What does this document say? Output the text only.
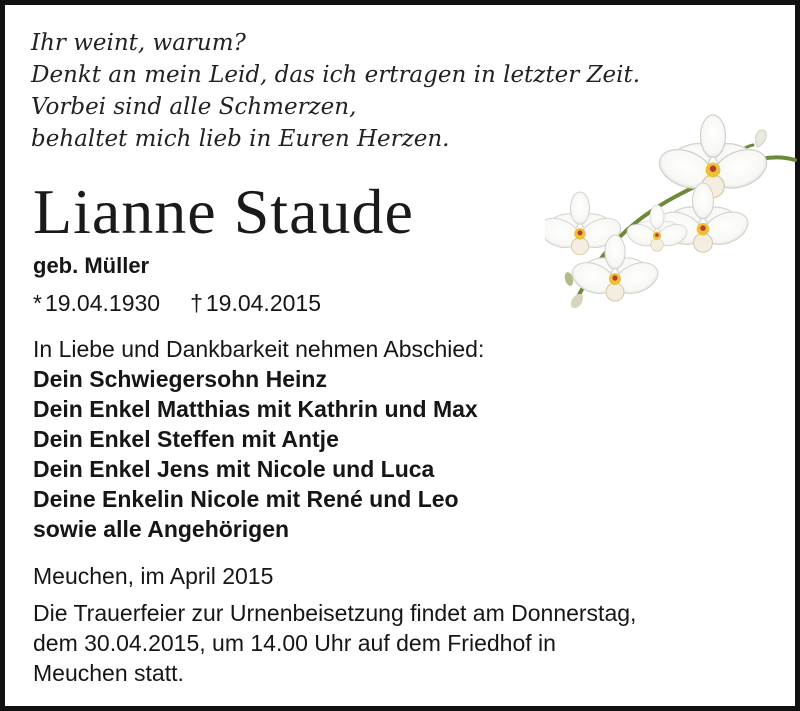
Ihr weint, warum?
Denkt an mein Leid, das ich ertragen in letzter Zeit.
Vorbei sind alle Schmerzen,
behaltet mich lieb in Euren Herzen.
Lianne Staude
geb. Müller
* 19.04.1930 † 19.04.2015
In Liebe und Dankbarkeit nehmen Abschied:
Dein Schwiegersohn Heinz
Dein Enkel Matthias mit Kathrin und Max
Dein Enkel Steffen mit Antje
Dein Enkel Jens mit Nicole und Luca
Deine Enkelin Nicole mit René und Leo
sowie alle Angehörigen
Meuchen, im April 2015
Die Trauerfeier zur Urnenbeisetzung findet am Donnerstag,
dem 30.04.2015, um 14.00 Uhr auf dem Friedhof in
Meuchen statt.
